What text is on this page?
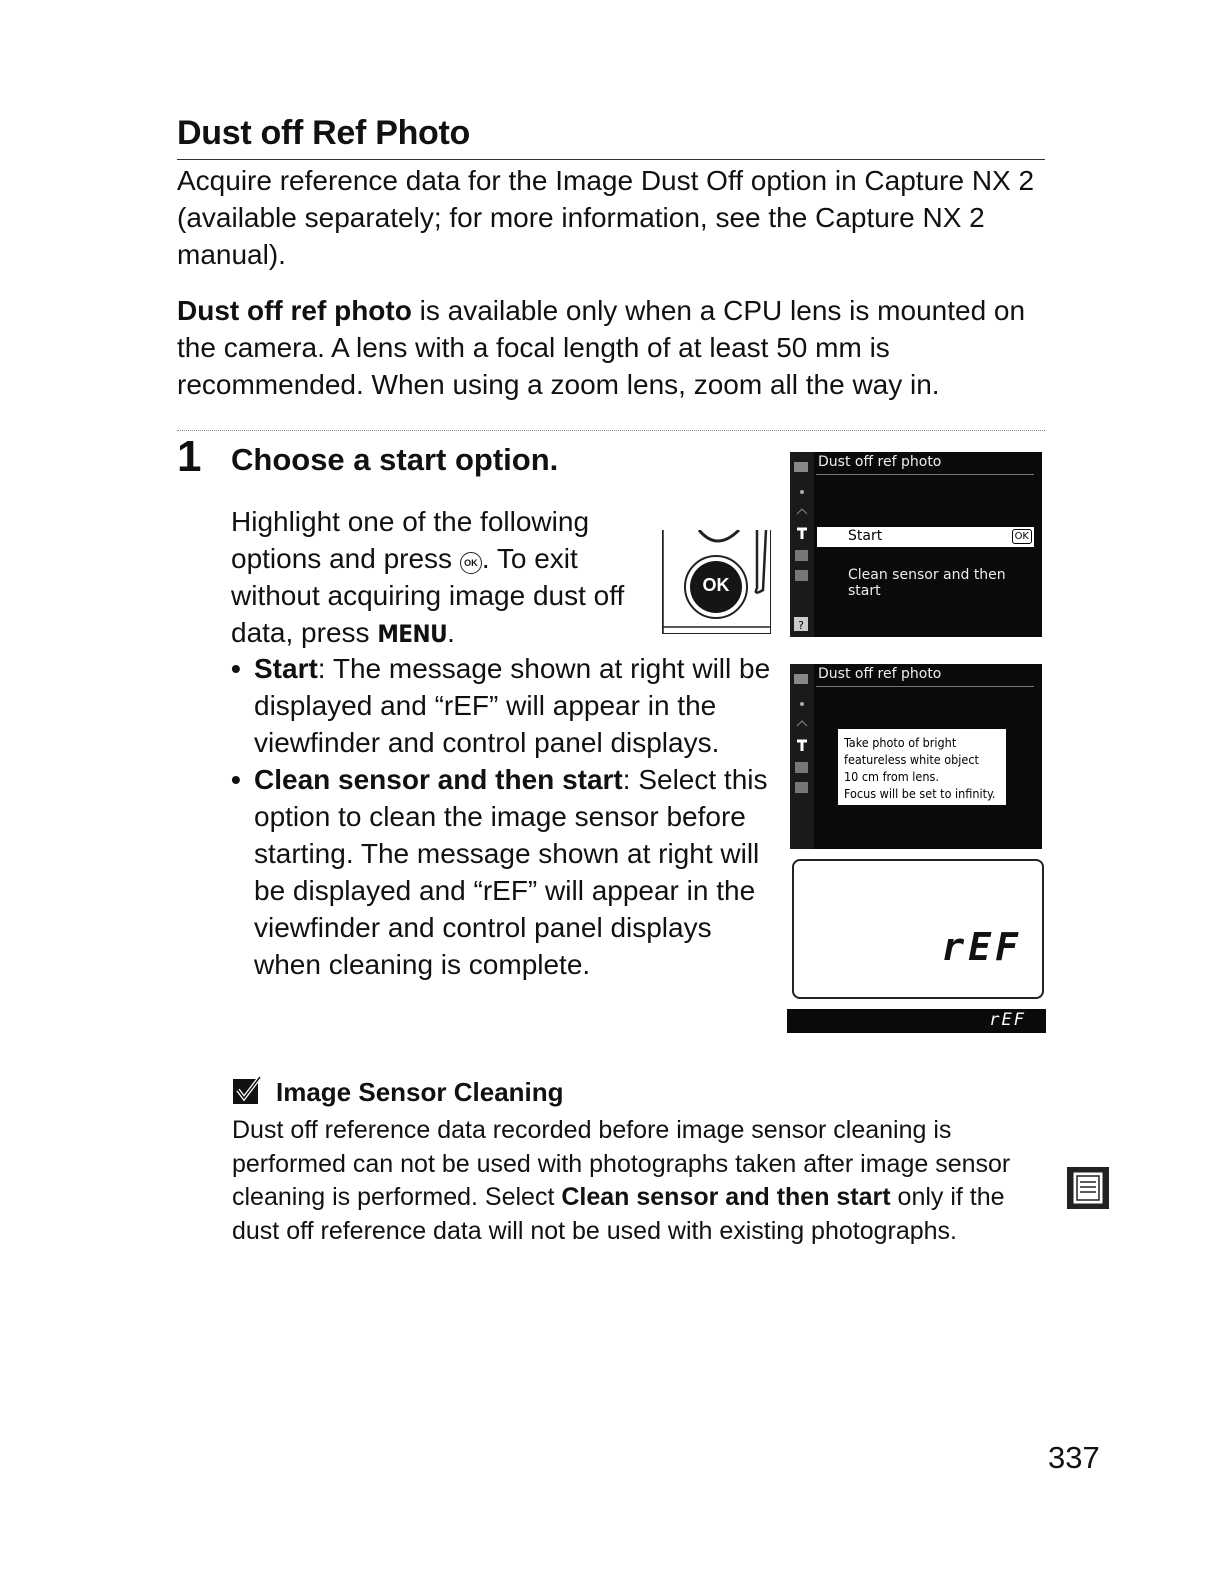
Dust off Ref Photo
Acquire reference data for the Image Dust Off option in Capture NX 2 (available separately; for more information, see the Capture NX 2 manual).
Dust off ref photo is available only when a CPU lens is mounted on the camera. A lens with a focal length of at least 50 mm is recommended. When using a zoom lens, zoom all the way in.
1 Choose a start option.
Highlight one of the following options and press OK . To exit without acquiring image dust off data, press MENU.
OK
• Start: The message shown at right will be displayed and “rEF” will appear in the viewfinder and control panel displays.
• Clean sensor and then start: Select this option to clean the image sensor before starting. The message shown at right will be displayed and “rEF” will appear in the viewfinder and control panel displays when cleaning is complete.
?
Dust off ref photo
Start	OK
Clean sensor and then start
Dust off ref photo
Take photo of bright
featureless white object
10 cm from lens.
Focus will be set to infinity.
rEF
rEF
Image Sensor Cleaning
Dust off reference data recorded before image sensor cleaning is performed can not be used with photographs taken after image sensor cleaning is performed. Select Clean sensor and then start only if the dust off reference data will not be used with existing photographs.
337
